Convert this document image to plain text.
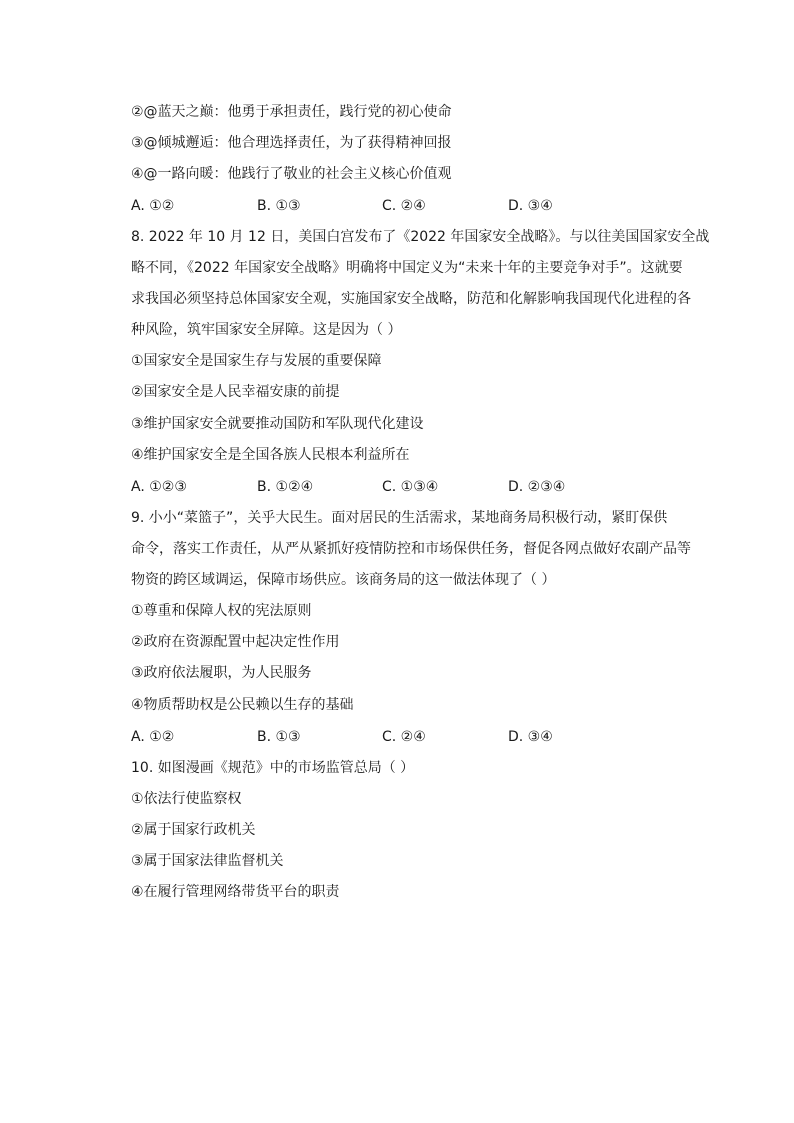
②@蓝天之巅：他勇于承担责任，践行党的初心使命
③@倾城邂逅：他合理选择责任，为了获得精神回报
④@一路向暖：他践行了敬业的社会主义核心价值观
A. ①②	B. ①③	C. ②④	D. ③④
8. 2022 年 10 月 12 日，美国白宫发布了《2022 年国家安全战略》。与以往美国国家安全战
略不同，《2022 年国家安全战略》明确将中国定义为“未来十年的主要竞争对手”。这就要
求我国必须坚持总体国家安全观，实施国家安全战略，防范和化解影响我国现代化进程的各
种风险，筑牢国家安全屏障。这是因为（ ）
①国家安全是国家生存与发展的重要保障
②国家安全是人民幸福安康的前提
③维护国家安全就要推动国防和军队现代化建设
④维护国家安全是全国各族人民根本利益所在
A. ①②③	B. ①②④	C. ①③④	D. ②③④
9. 小小“菜篮子”，关乎大民生。面对居民的生活需求，某地商务局积极行动，紧盯保供
命令，落实工作责任，从严从紧抓好疫情防控和市场保供任务，督促各网点做好农副产品等
物资的跨区域调运，保障市场供应。该商务局的这一做法体现了（ ）
①尊重和保障人权的宪法原则
②政府在资源配置中起决定性作用
③政府依法履职，为人民服务
④物质帮助权是公民赖以生存的基础
A. ①②	B. ①③	C. ②④	D. ③④
10. 如图漫画《规范》中的市场监管总局（ ）
①依法行使监察权
②属于国家行政机关
③属于国家法律监督机关
④在履行管理网络带货平台的职责
